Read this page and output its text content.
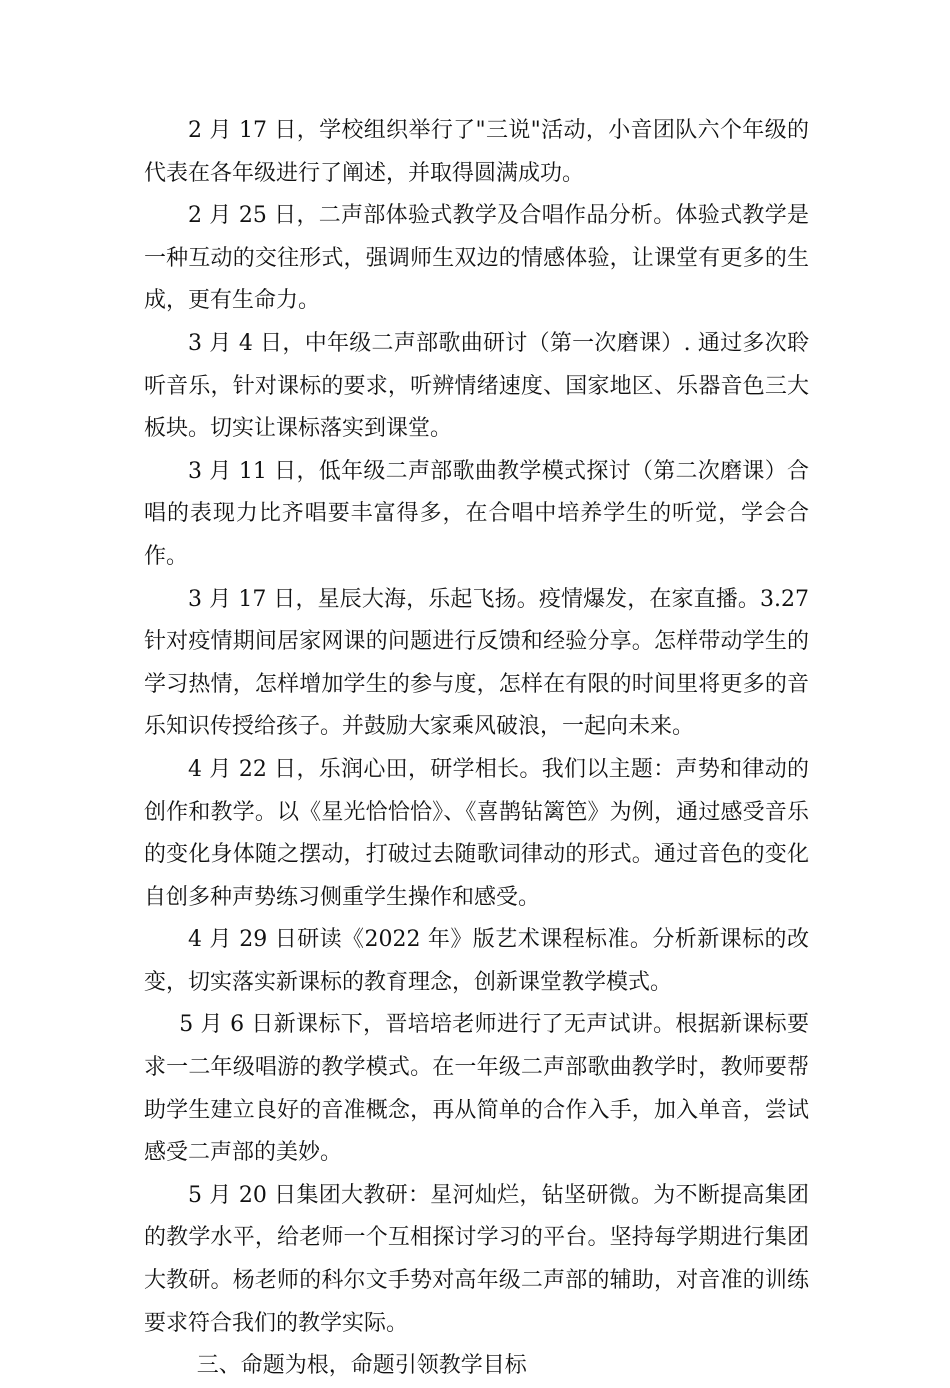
2 月 17 日，学校组织举行了"三说"活动，小音团队六个年级的代表在各年级进行了阐述，并取得圆满成功。

2 月 25 日，二声部体验式教学及合唱作品分析。体验式教学是一种互动的交往形式，强调师生双边的情感体验，让课堂有更多的生成，更有生命力。

3 月 4 日，中年级二声部歌曲研讨（第一次磨课）. 通过多次聆听音乐，针对课标的要求，听辨情绪速度、国家地区、乐器音色三大板块。切实让课标落实到课堂。

3 月 11 日，低年级二声部歌曲教学模式探讨（第二次磨课）合唱的表现力比齐唱要丰富得多，在合唱中培养学生的听觉，学会合作。

3 月 17 日，星辰大海，乐起飞扬。疫情爆发，在家直播。3.27 针对疫情期间居家网课的问题进行反馈和经验分享。怎样带动学生的学习热情，怎样增加学生的参与度，怎样在有限的时间里将更多的音乐知识传授给孩子。并鼓励大家乘风破浪，一起向未来。

4 月 22 日，乐润心田，研学相长。我们以主题：声势和律动的创作和教学。以《星光恰恰恰》、《喜鹊钻篱笆》为例，通过感受音乐的变化身体随之摆动，打破过去随歌词律动的形式。通过音色的变化自创多种声势练习侧重学生操作和感受。

4 月 29 日研读《2022 年》版艺术课程标准。分析新课标的改变，切实落实新课标的教育理念，创新课堂教学模式。

5 月 6 日新课标下，晋培培老师进行了无声试讲。根据新课标要求一二年级唱游的教学模式。在一年级二声部歌曲教学时，教师要帮助学生建立良好的音准概念，再从简单的合作入手，加入单音，尝试感受二声部的美妙。

5 月 20 日集团大教研：星河灿烂，钻坚研微。为不断提高集团的教学水平，给老师一个互相探讨学习的平台。坚持每学期进行集团大教研。杨老师的科尔文手势对高年级二声部的辅助，对音准的训练要求符合我们的教学实际。

三、命题为根，命题引领教学目标
